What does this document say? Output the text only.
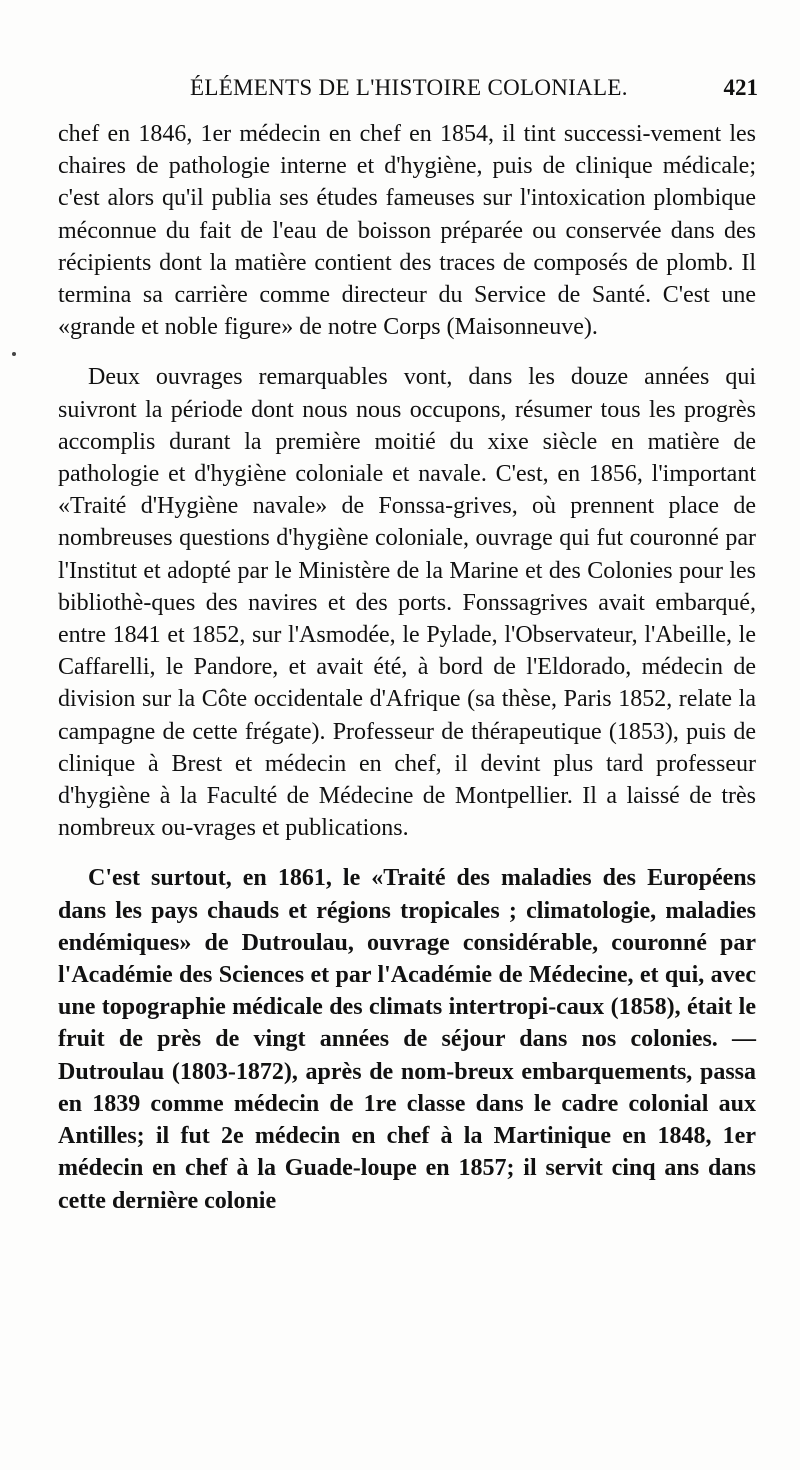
ÉLÉMENTS DE L'HISTOIRE COLONIALE.	421

chef en 1846, 1er médecin en chef en 1854, il tint successi-vement les chaires de pathologie interne et d'hygiène, puis de clinique médicale; c'est alors qu'il publia ses études fameuses sur l'intoxication plombique méconnue du fait de l'eau de boisson préparée ou conservée dans des récipients dont la matière contient des traces de composés de plomb. Il termina sa carrière comme directeur du Service de Santé. C'est une «grande et noble figure» de notre Corps (Maisonneuve).

Deux ouvrages remarquables vont, dans les douze années qui suivront la période dont nous nous occupons, résumer tous les progrès accomplis durant la première moitié du xixe siècle en matière de pathologie et d'hygiène coloniale et navale. C'est, en 1856, l'important «Traité d'Hygiène navale» de Fonssa-grives, où prennent place de nombreuses questions d'hygiène coloniale, ouvrage qui fut couronné par l'Institut et adopté par le Ministère de la Marine et des Colonies pour les bibliothè-ques des navires et des ports. Fonssagrives avait embarqué, entre 1841 et 1852, sur l'Asmodée, le Pylade, l'Observateur, l'Abeille, le Caffarelli, le Pandore, et avait été, à bord de l'Eldorado, médecin de division sur la Côte occidentale d'Afrique (sa thèse, Paris 1852, relate la campagne de cette frégate). Professeur de thérapeutique (1853), puis de clinique à Brest et médecin en chef, il devint plus tard professeur d'hygiène à la Faculté de Médecine de Montpellier. Il a laissé de très nombreux ou-vrages et publications.

C'est surtout, en 1861, le «Traité des maladies des Européens dans les pays chauds et régions tropicales ; climatologie, maladies endémiques» de Dutroulau, ouvrage considérable, couronné par l'Académie des Sciences et par l'Académie de Médecine, et qui, avec une topographie médicale des climats intertropi-caux (1858), était le fruit de près de vingt années de séjour dans nos colonies. — Dutroulau (1803-1872), après de nom-breux embarquements, passa en 1839 comme médecin de 1re classe dans le cadre colonial aux Antilles; il fut 2e médecin en chef à la Martinique en 1848, 1er médecin en chef à la Guade-loupe en 1857; il servit cinq ans dans cette dernière colonie
